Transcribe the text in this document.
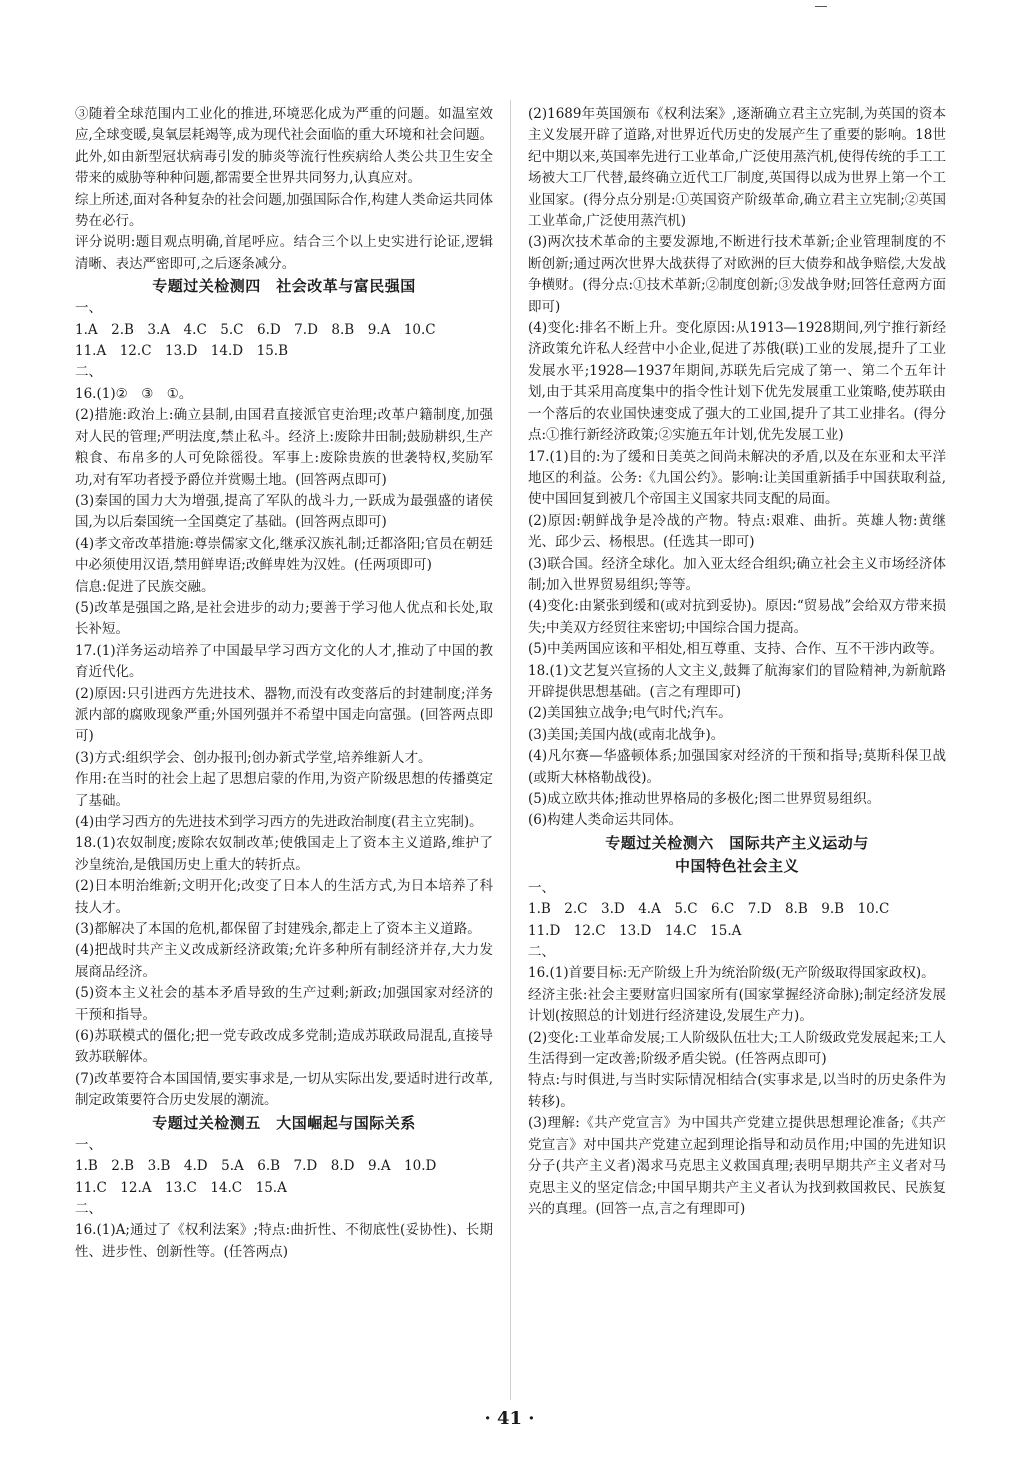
③随着全球范围内工业化的推进,环境恶化成为严重的问题。如温室效应,全球变暖,臭氧层耗竭等,成为现代社会面临的重大环境和社会问题。此外,如由新型冠状病毒引发的肺炎等流行性疾病给人类公共卫生安全带来的威胁等种种问题,都需要全世界共同努力,认真应对。
综上所述,面对各种复杂的社会问题,加强国际合作,构建人类命运共同体势在必行。
评分说明:题目观点明确,首尾呼应。结合三个以上史实进行论证,逻辑清晰、表达严密即可,之后逐条减分。
专题过关检测四　社会改革与富民强国
一、
1.A　2.B　3.A　4.C　5.C　6.D　7.D　8.B　9.A　10.C
11.A　12.C　13.D　14.D　15.B
二、
16.(1)②　③　①。
(2)措施:政治上:确立县制,由国君直接派官吏治理;改革户籍制度,加强对人民的管理;严明法度,禁止私斗。经济上:废除井田制;鼓励耕织,生产粮食、布帛多的人可免除徭役。军事上:废除贵族的世袭特权,奖励军功,对有军功者授予爵位并赏赐土地。(回答两点即可)
(3)秦国的国力大为增强,提高了军队的战斗力,一跃成为最强盛的诸侯国,为以后秦国统一全国奠定了基础。(回答两点即可)
(4)孝文帝改革措施:尊崇儒家文化,继承汉族礼制;迁都洛阳;官员在朝廷中必须使用汉语,禁用鲜卑语;改鲜卑姓为汉姓。(任两项即可)
信息:促进了民族交融。
(5)改革是强国之路,是社会进步的动力;要善于学习他人优点和长处,取长补短。
17.(1)洋务运动培养了中国最早学习西方文化的人才,推动了中国的教育近代化。
(2)原因:只引进西方先进技术、器物,而没有改变落后的封建制度;洋务派内部的腐败现象严重;外国列强并不希望中国走向富强。(回答两点即可)
(3)方式:组织学会、创办报刊;创办新式学堂,培养维新人才。
作用:在当时的社会上起了思想启蒙的作用,为资产阶级思想的传播奠定了基础。
(4)由学习西方的先进技术到学习西方的先进政治制度(君主立宪制)。
18.(1)农奴制度;废除农奴制改革;使俄国走上了资本主义道路,维护了沙皇统治,是俄国历史上重大的转折点。
(2)日本明治维新;文明开化;改变了日本人的生活方式,为日本培养了科技人才。
(3)都解决了本国的危机,都保留了封建残余,都走上了资本主义道路。
(4)把战时共产主义改成新经济政策;允许多种所有制经济并存,大力发展商品经济。
(5)资本主义社会的基本矛盾导致的生产过剩;新政;加强国家对经济的干预和指导。
(6)苏联模式的僵化;把一党专政改成多党制;造成苏联政局混乱,直接导致苏联解体。
(7)改革要符合本国国情,要实事求是,一切从实际出发,要适时进行改革,制定政策要符合历史发展的潮流。
专题过关检测五　大国崛起与国际关系
一、
1.B　2.B　3.B　4.D　5.A　6.B　7.D　8.D　9.A　10.D
11.C　12.A　13.C　14.C　15.A
二、
16.(1)A;通过了《权利法案》;特点:曲折性、不彻底性(妥协性)、长期性、进步性、创新性等。(任答两点)
(2)1689年英国颁布《权利法案》,逐渐确立君主立宪制,为英国的资本主义发展开辟了道路,对世界近代历史的发展产生了重要的影响。18世纪中期以来,英国率先进行工业革命,广泛使用蒸汽机,使得传统的手工工场被大工厂代替,最终确立近代工厂制度,英国得以成为世界上第一个工业国家。(得分点分别是:①英国资产阶级革命,确立君主立宪制;②英国工业革命,广泛使用蒸汽机)
(3)两次技术革命的主要发源地,不断进行技术革新;企业管理制度的不断创新;通过两次世界大战获得了对欧洲的巨大债券和战争赔偿,大发战争横财。(得分点:①技术革新;②制度创新;③发战争财;回答任意两方面即可)
(4)变化:排名不断上升。变化原因:从1913—1928期间,列宁推行新经济政策允许私人经营中小企业,促进了苏俄(联)工业的发展,提升了工业发展水平;1928—1937年期间,苏联先后完成了第一、第二个五年计划,由于其采用高度集中的指令性计划下优先发展重工业策略,使苏联由一个落后的农业国快速变成了强大的工业国,提升了其工业排名。(得分点:①推行新经济政策;②实施五年计划,优先发展工业)
17.(1)目的:为了缓和日美英之间尚未解决的矛盾,以及在东亚和太平洋地区的利益。公务:《九国公约》。影响:让美国重新插手中国获取利益,使中国回复到被几个帝国主义国家共同支配的局面。
(2)原因:朝鲜战争是冷战的产物。特点:艰难、曲折。英雄人物:黄继光、邱少云、杨根思。(任选其一即可)
(3)联合国。经济全球化。加入亚太经合组织;确立社会主义市场经济体制;加入世界贸易组织;等等。
(4)变化:由紧张到缓和(或对抗到妥协)。原因:“贸易战”会给双方带来损失;中美双方经贸往来密切;中国综合国力提高。
(5)中美两国应该和平相处,相互尊重、支持、合作、互不干涉内政等。
18.(1)文艺复兴宣扬的人文主义,鼓舞了航海家们的冒险精神,为新航路开辟提供思想基础。(言之有理即可)
(2)美国独立战争;电气时代;汽车。
(3)美国;美国内战(或南北战争)。
(4)凡尔赛—华盛顿体系;加强国家对经济的干预和指导;莫斯科保卫战(或斯大林格勒战役)。
(5)成立欧共体;推动世界格局的多极化;图二世界贸易组织。
(6)构建人类命运共同体。
专题过关检测六　国际共产主义运动与
中国特色社会主义
一、
1.B　2.C　3.D　4.A　5.C　6.C　7.D　8.B　9.B　10.C
11.D　12.C　13.D　14.C　15.A
二、
16.(1)首要目标:无产阶级上升为统治阶级(无产阶级取得国家政权)。
经济主张:社会主要财富归国家所有(国家掌握经济命脉);制定经济发展计划(按照总的计划进行经济建设,发展生产力)。
(2)变化:工业革命发展;工人阶级队伍壮大;工人阶级政党发展起来;工人生活得到一定改善;阶级矛盾尖锐。(任答两点即可)
特点:与时俱进,与当时实际情况相结合(实事求是,以当时的历史条件为转移)。
(3)理解:《共产党宣言》为中国共产党建立提供思想理论准备;《共产党宣言》对中国共产党建立起到理论指导和动员作用;中国的先进知识分子(共产主义者)渴求马克思主义救国真理;表明早期共产主义者对马克思主义的坚定信念;中国早期共产主义者认为找到救国救民、民族复兴的真理。(回答一点,言之有理即可)
· 41 ·
